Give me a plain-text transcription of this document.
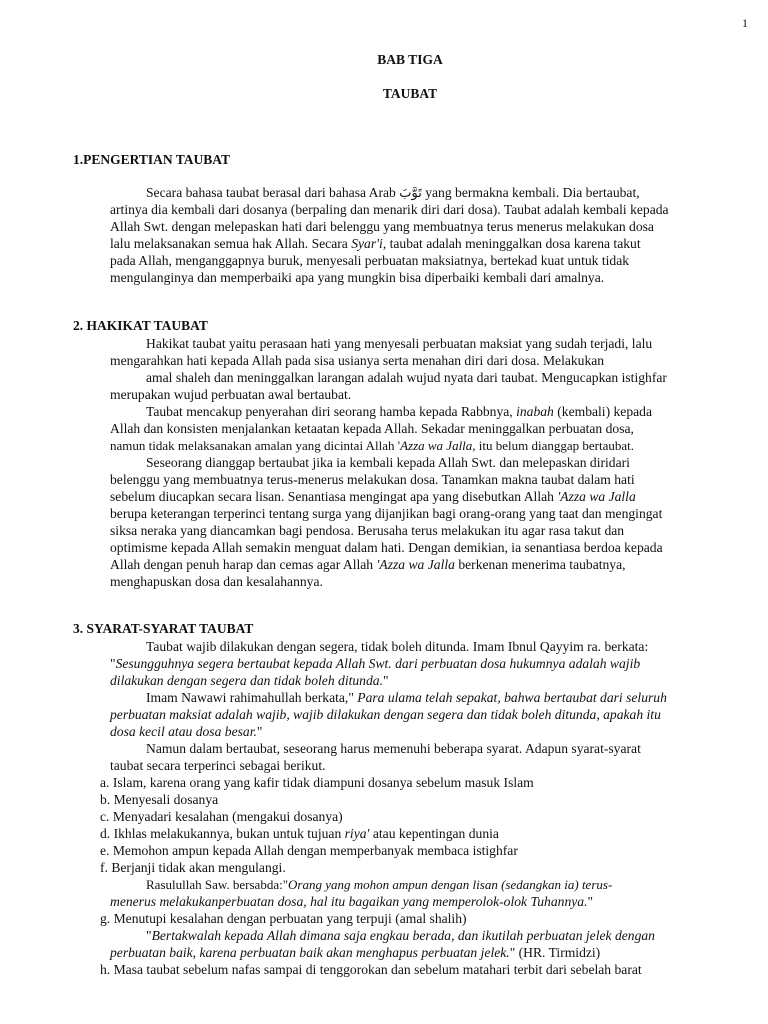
1
BAB TIGA
TAUBAT
1.PENGERTIAN TAUBAT
Secara bahasa taubat berasal dari bahasa Arab تَوَّبَ yang bermakna kembali. Dia bertaubat,
artinya dia kembali dari dosanya (berpaling dan menarik diri dari dosa). Taubat adalah kembali kepada
Allah Swt. dengan melepaskan hati dari belenggu yang membuatnya terus menerus melakukan dosa
lalu melaksanakan semua hak Allah. Secara Syar'i, taubat adalah meninggalkan dosa karena takut
pada Allah, menganggapnya buruk, menyesali perbuatan maksiatnya, bertekad kuat untuk tidak
mengulanginya dan memperbaiki apa yang mungkin bisa diperbaiki kembali dari amalnya.
2. HAKIKAT TAUBAT
Hakikat taubat yaitu perasaan hati yang menyesali perbuatan maksiat yang sudah terjadi, lalu
mengarahkan hati kepada Allah pada sisa usianya serta menahan diri dari dosa. Melakukan
amal shaleh dan meninggalkan larangan adalah wujud nyata dari taubat. Mengucapkan istighfar
merupakan wujud perbuatan awal bertaubat.
Taubat mencakup penyerahan diri seorang hamba kepada Rabbnya, inabah (kembali) kepada
Allah dan konsisten menjalankan ketaatan kepada Allah. Sekadar meninggalkan perbuatan dosa,
namun tidak melaksanakan amalan yang dicintai Allah 'Azza wa Jalla, itu belum dianggap bertaubat.
Seseorang dianggap bertaubat jika ia kembali kepada Allah Swt. dan melepaskan diridari
belenggu yang membuatnya terus-menerus melakukan dosa. Tanamkan makna taubat dalam hati
sebelum diucapkan secara lisan. Senantiasa mengingat apa yang disebutkan Allah 'Azza wa Jalla
berupa keterangan terperinci tentang surga yang dijanjikan bagi orang-orang yang taat dan mengingat
siksa neraka yang diancamkan bagi pendosa. Berusaha terus melakukan itu agar rasa takut dan
optimisme kepada Allah semakin menguat dalam hati. Dengan demikian, ia senantiasa berdoa kepada
Allah dengan penuh harap dan cemas agar Allah 'Azza wa Jalla berkenan menerima taubatnya,
menghapuskan dosa dan kesalahannya.
3. SYARAT-SYARAT TAUBAT
Taubat wajib dilakukan dengan segera, tidak boleh ditunda. Imam Ibnul Qayyim ra. berkata:
"Sesungguhnya segera bertaubat kepada Allah Swt. dari perbuatan dosa hukumnya adalah wajib
dilakukan dengan segera dan tidak boleh ditunda."
Imam Nawawi rahimahullah berkata," Para ulama telah sepakat, bahwa bertaubat dari seluruh
perbuatan maksiat adalah wajib, wajib dilakukan dengan segera dan tidak boleh ditunda, apakah itu
dosa kecil atau dosa besar."
Namun dalam bertaubat, seseorang harus memenuhi beberapa syarat. Adapun syarat-syarat
taubat secara terperinci sebagai berikut.
a. Islam, karena orang yang kafir tidak diampuni dosanya sebelum masuk Islam
b. Menyesali dosanya
c. Menyadari kesalahan (mengakui dosanya)
d. Ikhlas melakukannya, bukan untuk tujuan riya' atau kepentingan dunia
e. Memohon ampun kepada Allah dengan memperbanyak membaca istighfar
f. Berjanji tidak akan mengulangi.
Rasulullah Saw. bersabda:"Orang yang mohon ampun dengan lisan (sedangkan ia) terus-
menerus melakukanperbuatan dosa, hal itu bagaikan yang memperolok-olok Tuhannya."
g. Menutupi kesalahan dengan perbuatan yang terpuji (amal shalih)
"Bertakwalah kepada Allah dimana saja engkau berada, dan ikutilah perbuatan jelek dengan
perbuatan baik, karena perbuatan baik akan menghapus perbuatan jelek." (HR. Tirmidzi)
h. Masa taubat sebelum nafas sampai di tenggorokan dan sebelum matahari terbit dari sebelah barat
